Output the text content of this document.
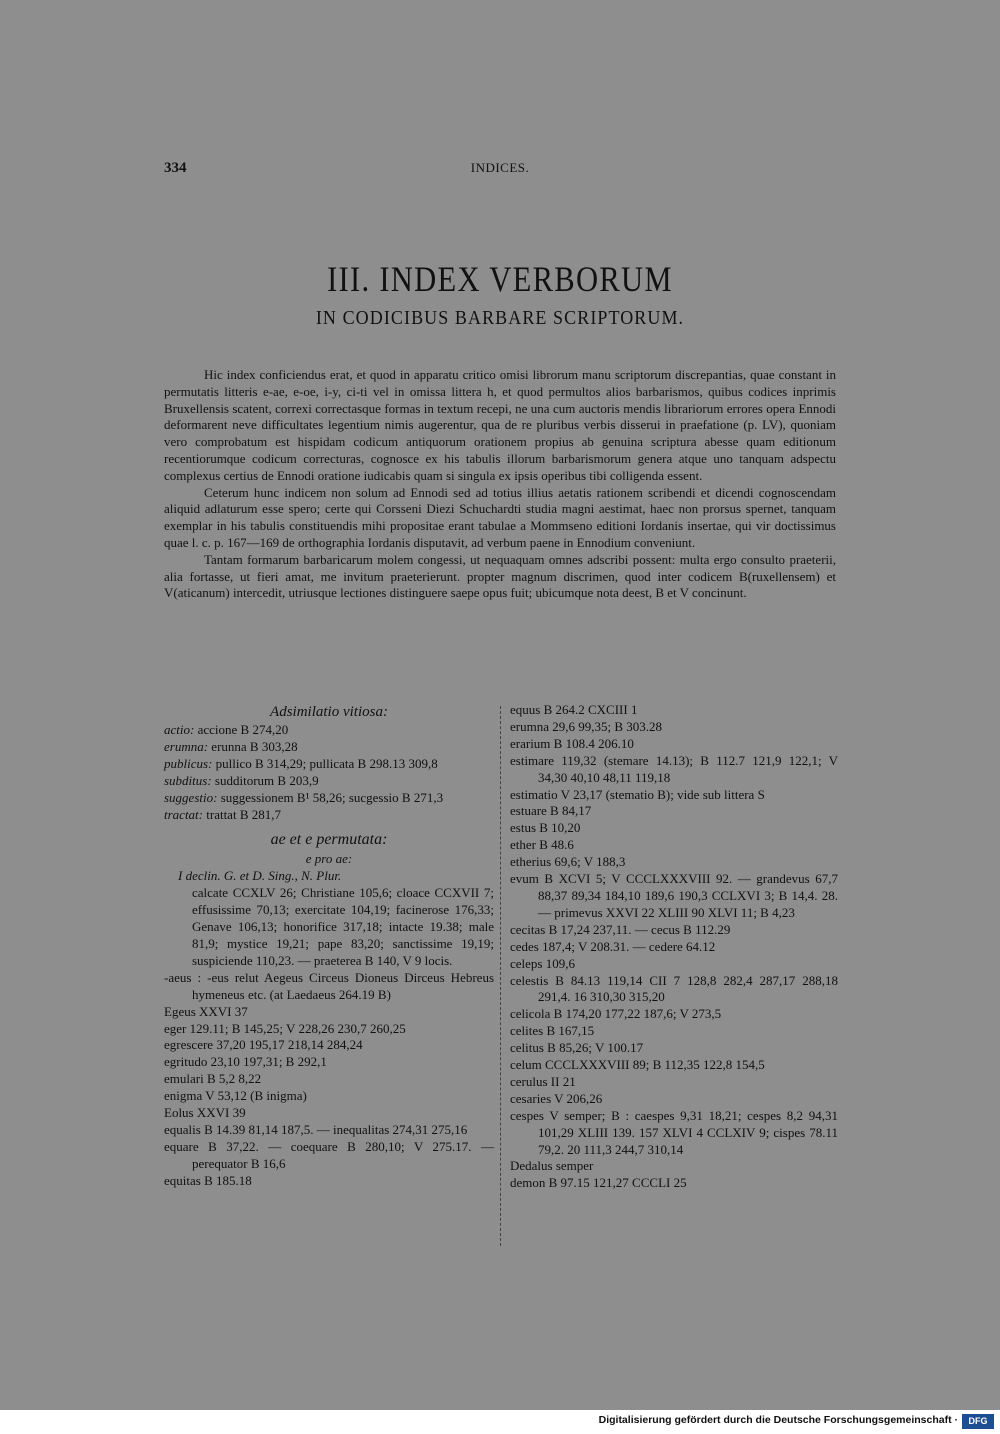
334	INDICES.
III. INDEX VERBORUM
IN CODICIBUS BARBARE SCRIPTORUM.

Hic index conficiendus erat, et quod in apparatu critico omisi librorum manu scriptorum discrepantias, quae constant in permutatis litteris e-ae, e-oe, i-y, ci-ti vel in omissa littera h, et quod permultos alios barbarismos, quibus codices inprimis Bruxellensis scatent, correxi correctasque formas in textum recepi, ne una cum auctoris mendis librariorum errores opera Ennodi deformarent neve difficultates legentium nimis augerentur, qua de re pluribus verbis disserui in praefatione (p. LV), quoniam vero comprobatum est hispidam codicum antiquorum orationem propius ab genuina scriptura abesse quam editionum recentiorumque codicum correcturas, cognosce ex his tabulis illorum barbarismorum genera atque uno tanquam adspectu complexus certius de Ennodi oratione iudicabis quam si singula ex ipsis operibus tibi colligenda essent.

Ceterum hunc indicem non solum ad Ennodi sed ad totius illius aetatis rationem scribendi et dicendi cognoscendam aliquid adlaturum esse spero; certe qui Corsseni Diezi Schuchardti studia magni aestimat, haec non prorsus spernet, tanquam exemplar in his tabulis constituendis mihi propositae erant tabulae a Mommseno editioni Iordanis insertae, qui vir doctissimus quae l. c. p. 167—169 de orthographia Iordanis disputavit, ad verbum paene in Ennodium conveniunt.

Tantam formarum barbaricarum molem congessi, ut nequaquam omnes adscribi possent: multa ergo consulto praeterii, alia fortasse, ut fieri amat, me invitum praeterierunt. propter magnum discrimen, quod inter codicem B(ruxellensem) et V(aticanum) intercedit, utriusque lectiones distinguere saepe opus fuit; ubicumque nota deest, B et V concinunt.

Adsimilatio vitiosa:
actio: accione B 274,20
erumna: erunna B 303,28
publicus: pullico B 314,29; pullicata B 298.13 309,8
subditus: sudditorum B 203,9
suggestio: suggessionem B¹ 58,26; sucgessio B 271,3
tractat: trattat B 281,7
ae et e permutata:
e pro ae:
I declin. G. et D. Sing., N. Plur.
calcate CCXLV 26; Christiane 105,6; cloace CCXVII 7; effusissime 70,13; exercitate 104,19; facinerose 176,33; Genave 106,13; honorifice 317,18; intacte 19.38; male 81,9; mystice 19,21; pape 83,20; sanctissime 19,19; suspiciende 110,23. — praeterea B 140, V 9 locis.
-aeus : -eus relut Aegeus Circeus Dioneus Dirceus Hebreus hymeneus etc. (at Laedaeus 264.19 B)
Egeus XXVI 37
eger 129.11; B 145,25; V 228,26 230,7 260,25
egrescere 37,20 195,17 218,14 284,24
egritudo 23,10 197,31; B 292,1
emulari B 5,2 8,22
enigma V 53,12 (B inigma)
Eolus XXVI 39
equalis B 14.39 81,14 187,5. — inequalitas 274,31 275,16
equare B 37,22. — coequare B 280,10; V 275.17. — perequator B 16,6
equitas B 185.18
equus B 264.2 CXCIII 1
erumna 29,6 99,35; B 303.28
erarium B 108.4 206.10
estimare 119,32 (stemare 14.13); B 112.7 121,9 122,1; V 34,30 40,10 48,11 119,18
estimatio V 23,17 (stematio B); vide sub littera S
estuare B 84,17
estus B 10,20
ether B 48.6
etherius 69,6; V 188,3
evum B XCVI 5; V CCCLXXXVIII 92. — grandevus 67,7 88,37 89,34 184,10 189,6 190,3 CCLXVI 3; B 14,4. 28. — primevus XXVI 22 XLIII 90 XLVI 11; B 4,23
cecitas B 17,24 237,11. — cecus B 112.29
cedes 187,4; V 208.31. — cedere 64.12
celeps 109,6
celestis B 84.13 119,14 CII 7 128,8 282,4 287,17 288,18 291,4. 16 310,30 315,20
celicola B 174,20 177,22 187,6; V 273,5
celites B 167,15
celitus B 85,26; V 100.17
celum CCCLXXXVIII 89; B 112,35 122,8 154,5
cerulus II 21
cesaries V 206,26
cespes V semper; B : caespes 9,31 18,21; cespes 8,2 94,31 101,29 XLIII 139. 157 XLVI 4 CCLXIV 9; cispes 78.11 79,2. 20 111,3 244,7 310,14
Dedalus semper
demon B 97.15 121,27 CCCLI 25
Digitalisierung gefördert durch die Deutsche Forschungsgemeinschaft ·	DFG
